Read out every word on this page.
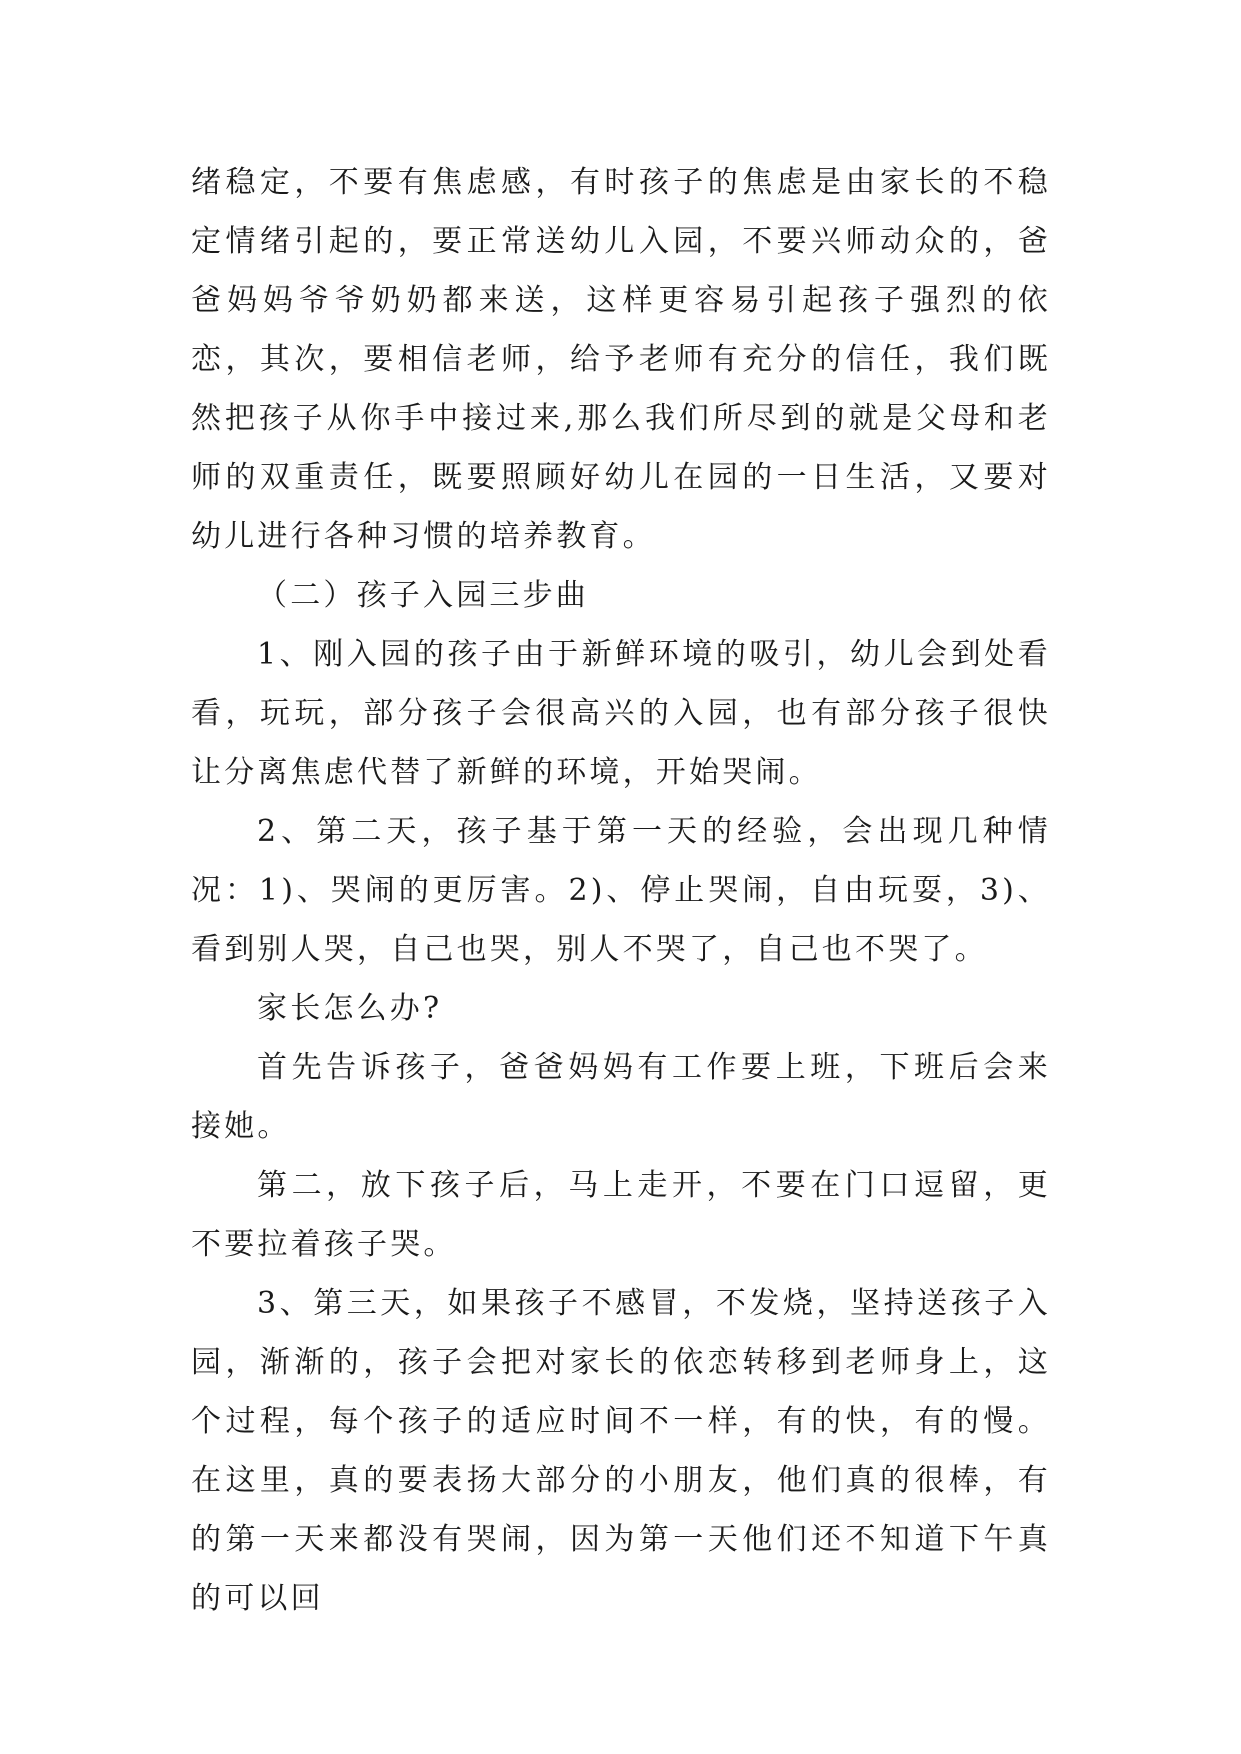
绪稳定，不要有焦虑感，有时孩子的焦虑是由家长的不稳定情绪引起的，要正常送幼儿入园，不要兴师动众的，爸爸妈妈爷爷奶奶都来送，这样更容易引起孩子强烈的依恋，其次，要相信老师，给予老师有充分的信任，我们既然把孩子从你手中接过来,那么我们所尽到的就是父母和老师的双重责任，既要照顾好幼儿在园的一日生活，又要对幼儿进行各种习惯的培养教育。

（二）孩子入园三步曲

1、刚入园的孩子由于新鲜环境的吸引，幼儿会到处看看，玩玩，部分孩子会很高兴的入园，也有部分孩子很快让分离焦虑代替了新鲜的环境，开始哭闹。

2、第二天，孩子基于第一天的经验，会出现几种情况：1)、哭闹的更厉害。2)、停止哭闹，自由玩耍，3)、看到别人哭，自己也哭，别人不哭了，自己也不哭了。

家长怎么办?

首先告诉孩子，爸爸妈妈有工作要上班，下班后会来接她。

第二，放下孩子后，马上走开，不要在门口逗留，更不要拉着孩子哭。

3、第三天，如果孩子不感冒，不发烧，坚持送孩子入园，渐渐的，孩子会把对家长的依恋转移到老师身上，这个过程，每个孩子的适应时间不一样，有的快，有的慢。在这里，真的要表扬大部分的小朋友，他们真的很棒，有的第一天来都没有哭闹，因为第一天他们还不知道下午真的可以回
